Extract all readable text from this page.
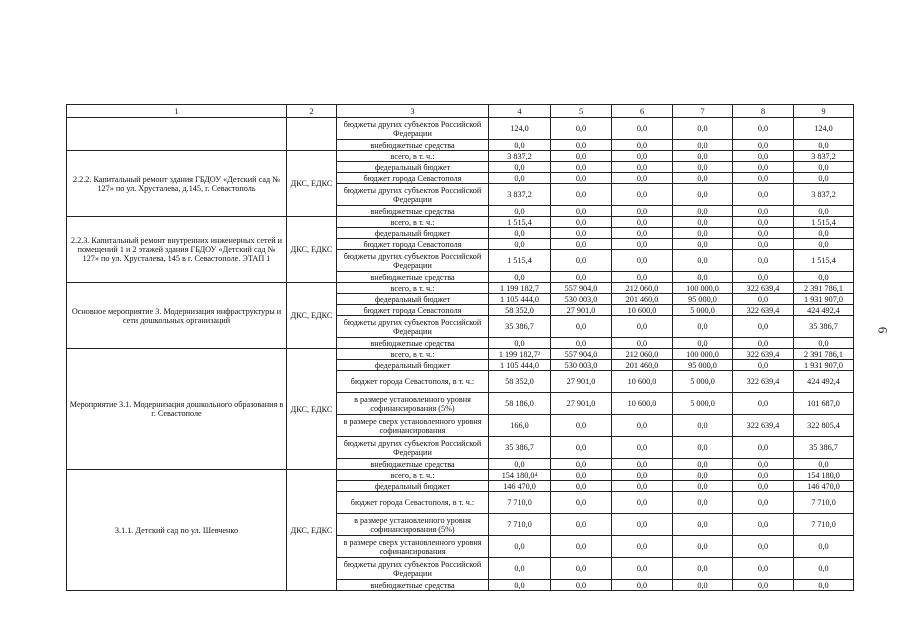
1	2	3	4	5	6	7	8	9
		бюджеты других субъектов Российской Федерации	124,0	0,0	0,0	0,0	0,0	124,0
		внебюджетные средства	0,0	0,0	0,0	0,0	0,0	0,0
2.2.2. Капитальный ремонт здания ГБДОУ «Детский сад № 127» по ул. Хрусталева, д.145, г. Севастополь	ДКС, ЕДКС	всего, в т. ч.:	3 837,2	0,0	0,0	0,0	0,0	3 837,2
		федеральный бюджет	0,0	0,0	0,0	0,0	0,0	0,0
		бюджет города Севастополя	0,0	0,0	0,0	0,0	0,0	0,0
		бюджеты других субъектов Российской Федерации	3 837,2	0,0	0,0	0,0	0,0	3 837,2
		внебюджетные средства	0,0	0,0	0,0	0,0	0,0	0,0
2.2.3. Капитальный ремонт внутренних инженерных сетей и помещений 1 и 2 этажей здания ГБДОУ «Детский сад № 127» по ул. Хрусталева, 145 в г. Севастополе. ЭТАП 1	ДКС, ЕДКС	всего, в т. ч.:	1 515,4	0,0	0,0	0,0	0,0	1 515,4
		федеральный бюджет	0,0	0,0	0,0	0,0	0,0	0,0
		бюджет города Севастополя	0,0	0,0	0,0	0,0	0,0	0,0
		бюджеты других субъектов Российской Федерации	1 515,4	0,0	0,0	0,0	0,0	1 515,4
		внебюджетные средства	0,0	0,0	0,0	0,0	0,0	0,0
Основное мероприятие 3. Модернизация инфраструктуры и сети дошкольных организаций	ДКС, ЕДКС	всего, в т. ч.:	1 199 182,7	557 904,0	212 060,0	100 000,0	322 639,4	2 391 786,1
		федеральный бюджет	1 105 444,0	530 003,0	201 460,0	95 000,0	0,0	1 931 907,0
		бюджет города Севастополя	58 352,0	27 901,0	10 600,0	5 000,0	322 639,4	424 492,4
		бюджеты других субъектов Российской Федерации	35 386,7	0,0	0,0	0,0	0,0	35 386,7
		внебюджетные средства	0,0	0,0	0,0	0,0	0,0	0,0
Мероприятие 3.1. Модернизация дошкольного образования в г. Севастополе	ДКС, ЕДКС	всего, в т. ч.:	1 199 182,7²	557 904,0	212 060,0	100 000,0	322 639,4	2 391 786,1
		федеральный бюджет	1 105 444,0	530 003,0	201 460,0	95 000,0	0,0	1 931 907,0
		бюджет города Севастополя, в т. ч.:	58 352,0	27 901,0	10 600,0	5 000,0	322 639,4	424 492,4
		в размере установленного уровня софинансирования (5%)	58 186,0	27 901,0	10 600,0	5 000,0	0,0	101 687,0
		в размере сверх установленного уровня софинансирования	166,0	0,0	0,0	0,0	322 639,4	322 805,4
		бюджеты других субъектов Российской Федерации	35 386,7	0,0	0,0	0,0	0,0	35 386,7
		внебюджетные средства	0,0	0,0	0,0	0,0	0,0	0,0
3.1.1. Детский сад по ул. Шевченко	ДКС, ЕДКС	всего, в т. ч.:	154 180,0⁴	0,0	0,0	0,0	0,0	154 180,0
		федеральный бюджет	146 470,0	0,0	0,0	0,0	0,0	146 470,0
		бюджет города Севастополя, в т. ч.:	7 710,0	0,0	0,0	0,0	0,0	7 710,0
		в размере установленного уровня софинансирования (5%)	7 710,0	0,0	0,0	0,0	0,0	7 710,0
		в размере сверх установленного уровня софинансирования	0,0	0,0	0,0	0,0	0,0	0,0
		бюджеты других субъектов Российской Федерации	0,0	0,0	0,0	0,0	0,0	0,0
		внебюджетные средства	0,0	0,0	0,0	0,0	0,0	0,0
6
